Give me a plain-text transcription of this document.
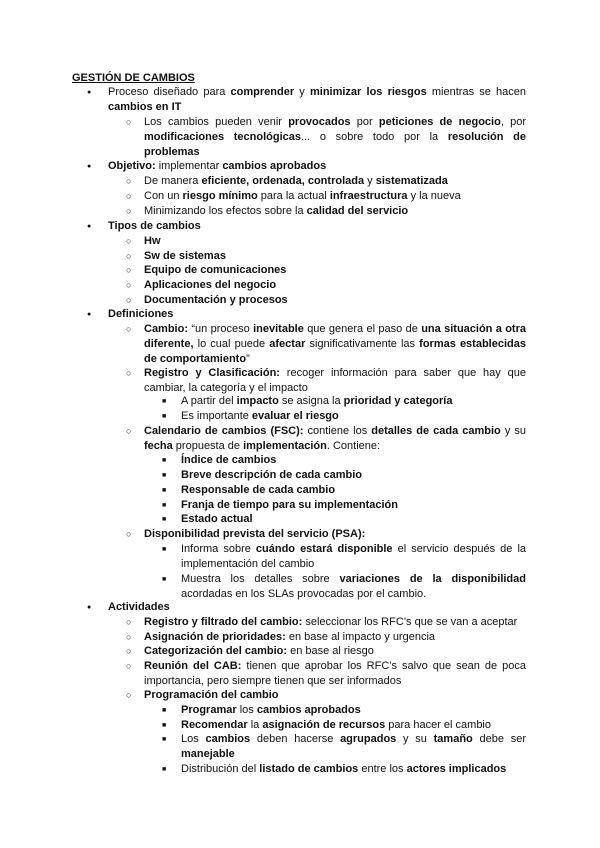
GESTIÓN DE CAMBIOS
●
Proceso diseñado para comprender y minimizar los riesgos mientras se hacen cambios en IT
○
Los cambios pueden venir provocados por peticiones de negocio, por modificaciones tecnológicas... o sobre todo por la resolución de problemas
●
Objetivo: implementar cambios aprobados
○
De manera eficiente, ordenada, controlada y sistematizada
○
Con un riesgo mínimo para la actual infraestructura y la nueva
○
Minimizando los efectos sobre la calidad del servicio
●
Tipos de cambios
○
Hw
○
Sw de sistemas
○
Equipo de comunicaciones
○
Aplicaciones del negocio
○
Documentación y procesos
●
Definiciones
○
Cambio: “un proceso inevitable que genera el paso de una situación a otra diferente, lo cual puede afectar significativamente las formas establecidas de comportamiento”
○
Registro y Clasificación: recoger información para saber que hay que cambiar, la categoría y el impacto
■
A partir del impacto se asigna la prioridad y categoría
■
Es importante evaluar el riesgo
○
Calendario de cambios (FSC): contiene los detalles de cada cambio y su fecha propuesta de implementación. Contiene:
■
Índice de cambios
■
Breve descripción de cada cambio
■
Responsable de cada cambio
■
Franja de tiempo para su implementación
■
Estado actual
○
Disponibilidad prevista del servicio (PSA):
■
Informa sobre cuándo estará disponible el servicio después de la implementación del cambio
■
Muestra los detalles sobre variaciones de la disponibilidad acordadas en los SLAs provocadas por el cambio.
●
Actividades
○
Registro y filtrado del cambio: seleccionar los RFC’s que se van a aceptar
○
Asignación de prioridades: en base al impacto y urgencia
○
Categorización del cambio: en base al riesgo
○
Reunión del CAB: tienen que aprobar los RFC’s salvo que sean de poca importancia, pero siempre tienen que ser informados
○
Programación del cambio
■
Programar los cambios aprobados
■
Recomendar la asignación de recursos para hacer el cambio
■
Los cambios deben hacerse agrupados y su tamaño debe ser manejable
■
Distribución del listado de cambios entre los actores implicados
